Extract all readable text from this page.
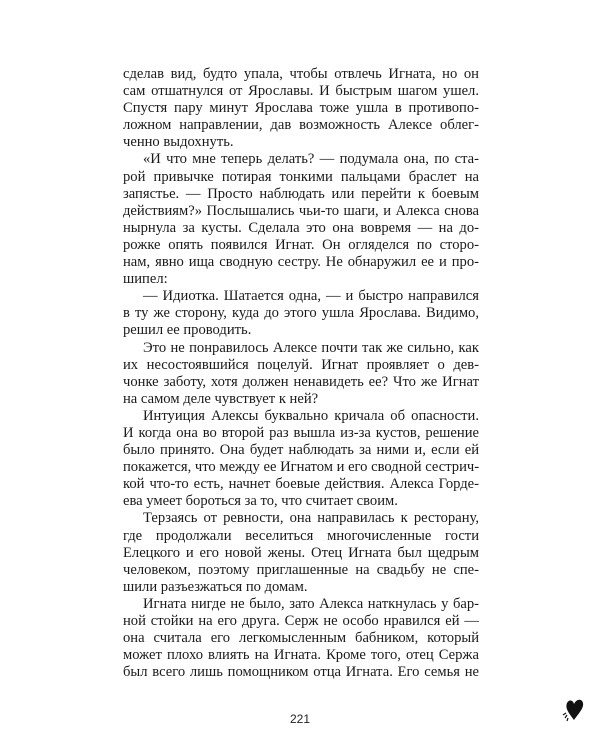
сделав вид, будто упала, чтобы отвлечь Игната, но он
сам отшатнулся от Ярославы. И быстрым шагом ушел.
Спустя пару минут Ярослава тоже ушла в противопо-
ложном направлении, дав возможность Алексе облег-
ченно выдохнуть.
«И что мне теперь делать? — подумала она, по ста-
рой привычке потирая тонкими пальцами браслет на
запястье. — Просто наблюдать или перейти к боевым
действиям?» Послышались чьи-то шаги, и Алекса снова
нырнула за кусты. Сделала это она вовремя — на до-
рожке опять появился Игнат. Он огляделся по сторо-
нам, явно ища сводную сестру. Не обнаружил ее и про-
шипел:
— Идиотка. Шатается одна, — и быстро направился
в ту же сторону, куда до этого ушла Ярослава. Видимо,
решил ее проводить.
Это не понравилось Алексе почти так же сильно, как
их несостоявшийся поцелуй. Игнат проявляет о дев-
чонке заботу, хотя должен ненавидеть ее? Что же Игнат
на самом деле чувствует к ней?
Интуиция Алексы буквально кричала об опасности.
И когда она во второй раз вышла из-за кустов, решение
было принято. Она будет наблюдать за ними и, если ей
покажется, что между ее Игнатом и его сводной сестрич-
кой что-то есть, начнет боевые действия. Алекса Горде-
ева умеет бороться за то, что считает своим.
Терзаясь от ревности, она направилась к ресторану,
где продолжали веселиться многочисленные гости
Елецкого и его новой жены. Отец Игната был щедрым
человеком, поэтому приглашенные на свадьбу не спе-
шили разъезжаться по домам.
Игната нигде не было, зато Алекса наткнулась у бар-
ной стойки на его друга. Серж не особо нравился ей —
она считала его легкомысленным бабником, который
может плохо влиять на Игната. Кроме того, отец Сержа
был всего лишь помощником отца Игната. Его семья не
221
